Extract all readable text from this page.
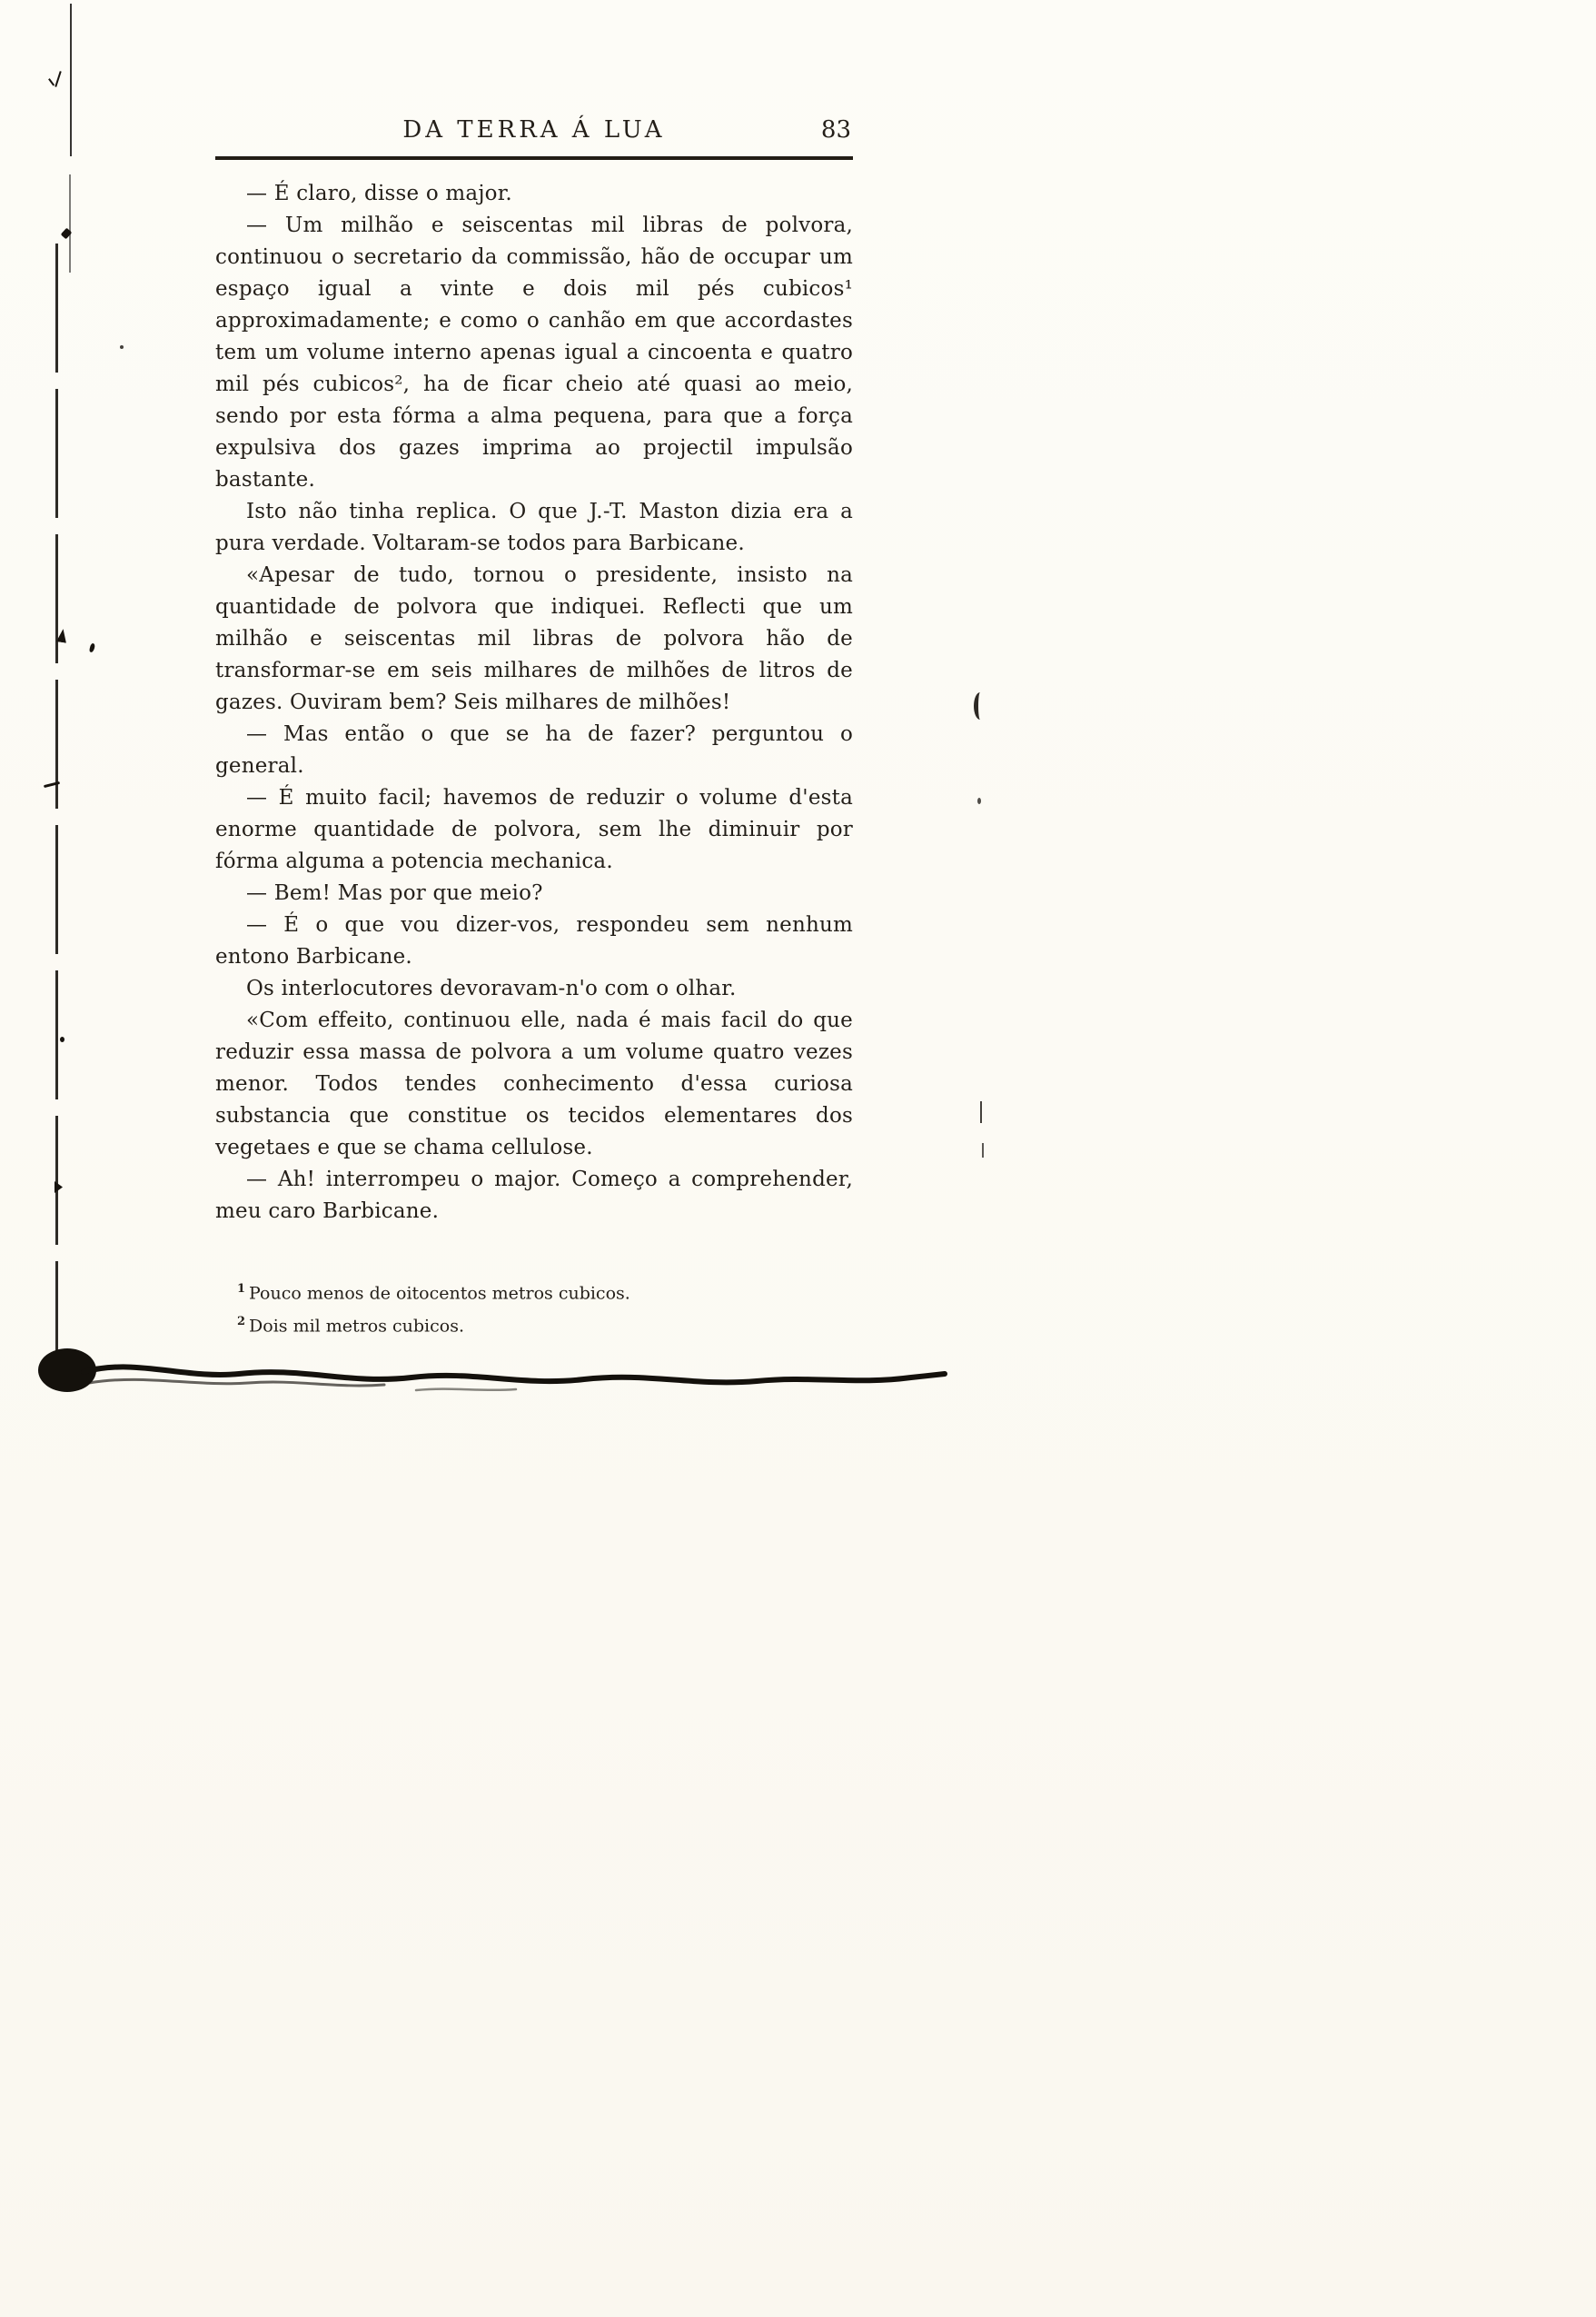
DA TERRA Á LUA	83

— É claro, disse o major.

— Um milhão e seiscentas mil libras de polvora, continuou o secretario da commissão, hão de occupar um espaço igual a vinte e dois mil pés cubicos¹ approximadamente; e como o canhão em que accordastes tem um volume interno apenas igual a cincoenta e quatro mil pés cubicos², ha de ficar cheio até quasi ao meio, sendo por esta fórma a alma pequena, para que a força expulsiva dos gazes imprima ao projectil impulsão bastante.

Isto não tinha replica. O que J.-T. Maston dizia era a pura verdade. Voltaram-se todos para Barbicane.

«Apesar de tudo, tornou o presidente, insisto na quantidade de polvora que indiquei. Reflecti que um milhão e seiscentas mil libras de polvora hão de transformar-se em seis milhares de milhões de litros de gazes. Ouviram bem? Seis milhares de milhões!

— Mas então o que se ha de fazer? perguntou o general.

— É muito facil; havemos de reduzir o volume d'esta enorme quantidade de polvora, sem lhe diminuir por fórma alguma a potencia mechanica.

— Bem! Mas por que meio?

— É o que vou dizer-vos, respondeu sem nenhum entono Barbicane.

Os interlocutores devoravam-n'o com o olhar.

«Com effeito, continuou elle, nada é mais facil do que reduzir essa massa de polvora a um volume quatro vezes menor. Todos tendes conhecimento d'essa curiosa substancia que constitue os tecidos elementares dos vegetaes e que se chama cellulose.

— Ah! interrompeu o major. Começo a comprehender, meu caro Barbicane.

$^1$ Pouco menos de oitocentos metros cubicos.
$^2$ Dois mil metros cubicos.
